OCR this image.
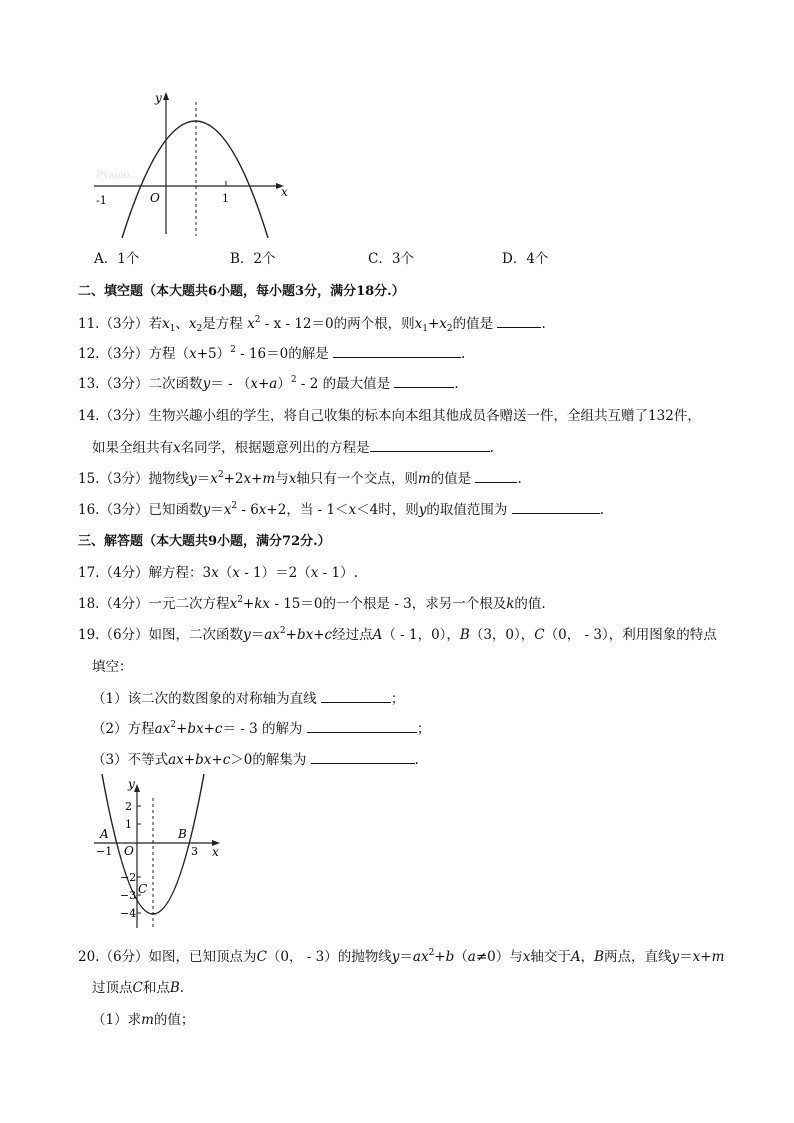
Pyaoio...
y
x
O
-1	1
A．1个	B．2个	C．3个	D．4个
二、填空题（本大题共6小题，每小题3分，满分18分.）
11.（3分）若$x_1$、$x_2$是方程 $x^2 - x - 12=0$的两个根，则$x_1+x_2$的值是	.
12.（3分）方程$(x+5)^2 - 16=0$的解是	.
13.（3分）二次函数$y= - (x+a)^2 - 2$ 的最大值是	.
14.（3分）生物兴趣小组的学生，将自己收集的标本向本组其他成员各赠送一件，全组共互赠了132件，
如果全组共有x名同学，根据题意列出的方程是	.
15.（3分）抛物线$y=x^2+2x+m$与x轴只有一个交点，则m的值是	.
16.（3分）已知函数$y=x^2 - 6x+2$，当 - 1＜x＜4时，则y的取值范围为	.
三、解答题（本大题共9小题，满分72分.）
17.（4分）解方程：3x（x - 1）＝2（x - 1）.
18.（4分）一元二次方程$x^2+kx - 15=0$的一个根是 - 3，求另一个根及k的值.
19.（6分）如图，二次函数$y=ax^2+bx+c$经过点A（ - 1，0），B（3，0），C（0， - 3），利用图象的特点
填空：
（1）该二次的数图象的对称轴为直线	；
（2）方程$ax^2+bx+c= - 3$ 的解为	；
（3）不等式ax+bx+c＞0的解集为	.
y
x
A	B
C
O
2
1
−1	3
−2
−3
−4
20.（6分）如图，已知顶点为C（0， - 3）的抛物线$y=ax^2+b(a\ne 0)$与x轴交于A，B两点，直线y＝x+m
过顶点C和点B.
（1）求m的值；
